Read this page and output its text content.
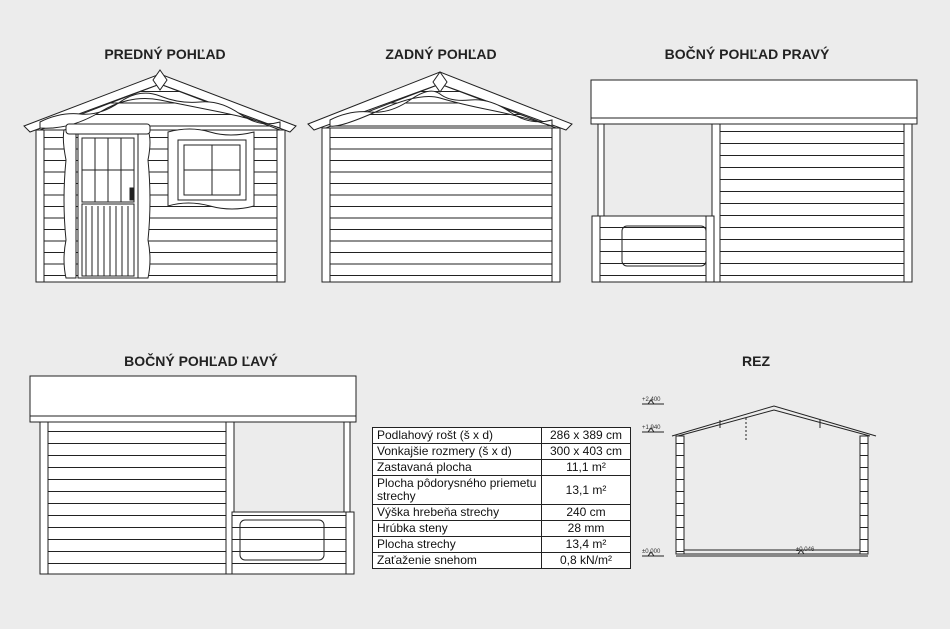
PREDNÝ POHĽAD	ZADNÝ POHĽAD	BOČNÝ POHĽAD PRAVÝ
BOČNÝ POHĽAD ĽAVÝ	REZ
+2,400
+1,940
±0,000	±0,046
Podlahový rošt (š x d)	286 x 389 cm
Vonkajšie rozmery (š x d)	300 x 403 cm
Zastavaná plocha	11,1 m²
Plocha pôdorysného priemetu strechy	13,1 m²
Výška hrebeňa strechy	240 cm
Hrúbka steny	28 mm
Plocha strechy	13,4 m²
Zaťaženie snehom	0,8 kN/m²
